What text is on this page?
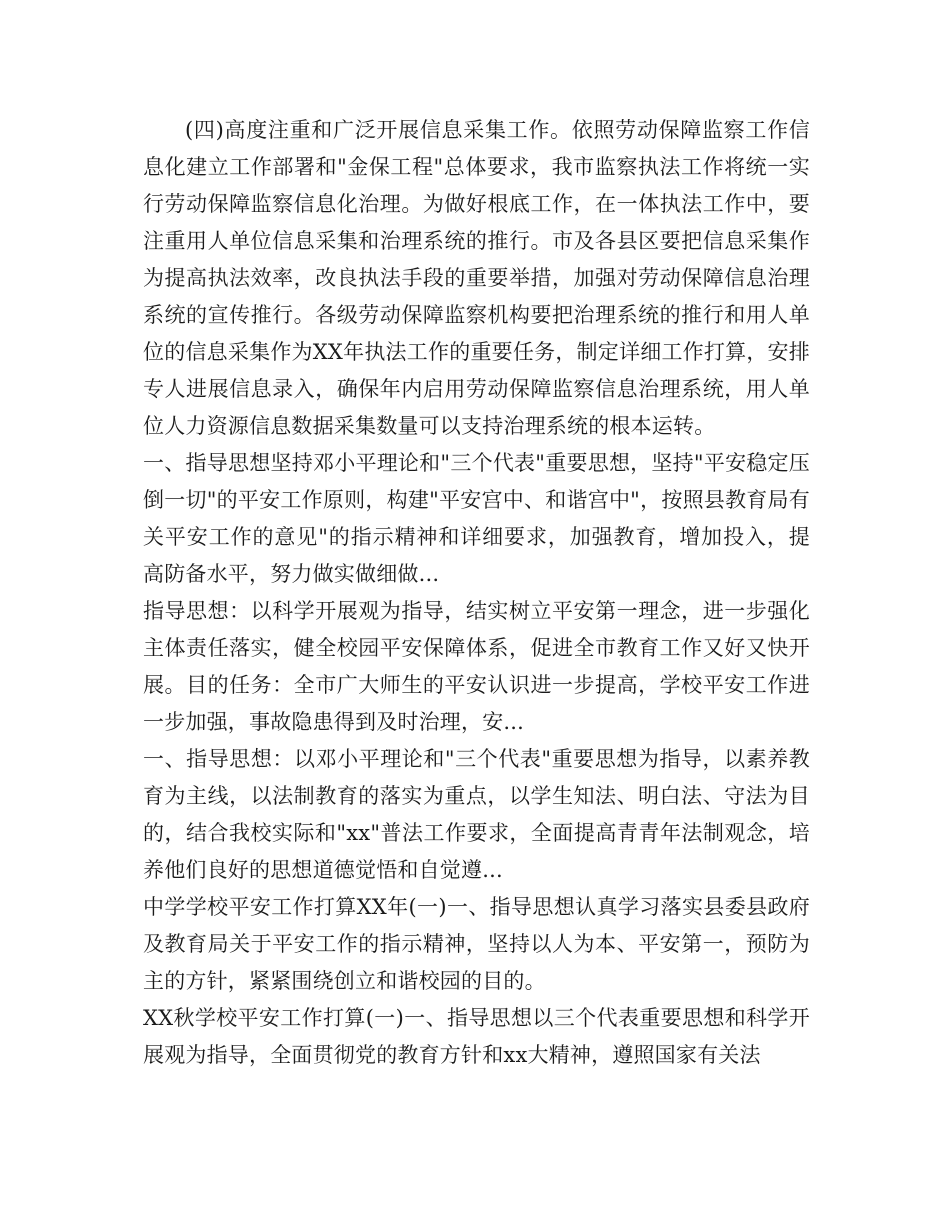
(四)高度注重和广泛开展信息采集工作。依照劳动保障监察工作信息化建立工作部署和"金保工程"总体要求，我市监察执法工作将统一实行劳动保障监察信息化治理。为做好根底工作，在一体执法工作中，要注重用人单位信息采集和治理系统的推行。市及各县区要把信息采集作为提高执法效率，改良执法手段的重要举措，加强对劳动保障信息治理系统的宣传推行。各级劳动保障监察机构要把治理系统的推行和用人单位的信息采集作为XX年执法工作的重要任务，制定详细工作打算，安排专人进展信息录入，确保年内启用劳动保障监察信息治理系统，用人单位人力资源信息数据采集数量可以支持治理系统的根本运转。

一、指导思想坚持邓小平理论和"三个代表"重要思想，坚持"平安稳定压倒一切"的平安工作原则，构建"平安宫中、和谐宫中"，按照县教育局有关平安工作的意见"的指示精神和详细要求，加强教育，增加投入，提高防备水平，努力做实做细做...

指导思想：以科学开展观为指导，结实树立平安第一理念，进一步强化主体责任落实，健全校园平安保障体系，促进全市教育工作又好又快开展。目的任务：全市广大师生的平安认识进一步提高，学校平安工作进一步加强，事故隐患得到及时治理，安...

一、指导思想：以邓小平理论和"三个代表"重要思想为指导，以素养教育为主线，以法制教育的落实为重点，以学生知法、明白法、守法为目的，结合我校实际和"xx"普法工作要求，全面提高青青年法制观念，培养他们良好的思想道德觉悟和自觉遵...

中学学校平安工作打算XX年(一)一、指导思想认真学习落实县委县政府及教育局关于平安工作的指示精神，坚持以人为本、平安第一，预防为主的方针，紧紧围绕创立和谐校园的目的。

XX秋学校平安工作打算(一)一、指导思想以三个代表重要思想和科学开展观为指导，全面贯彻党的教育方针和xx大精神，遵照国家有关法
